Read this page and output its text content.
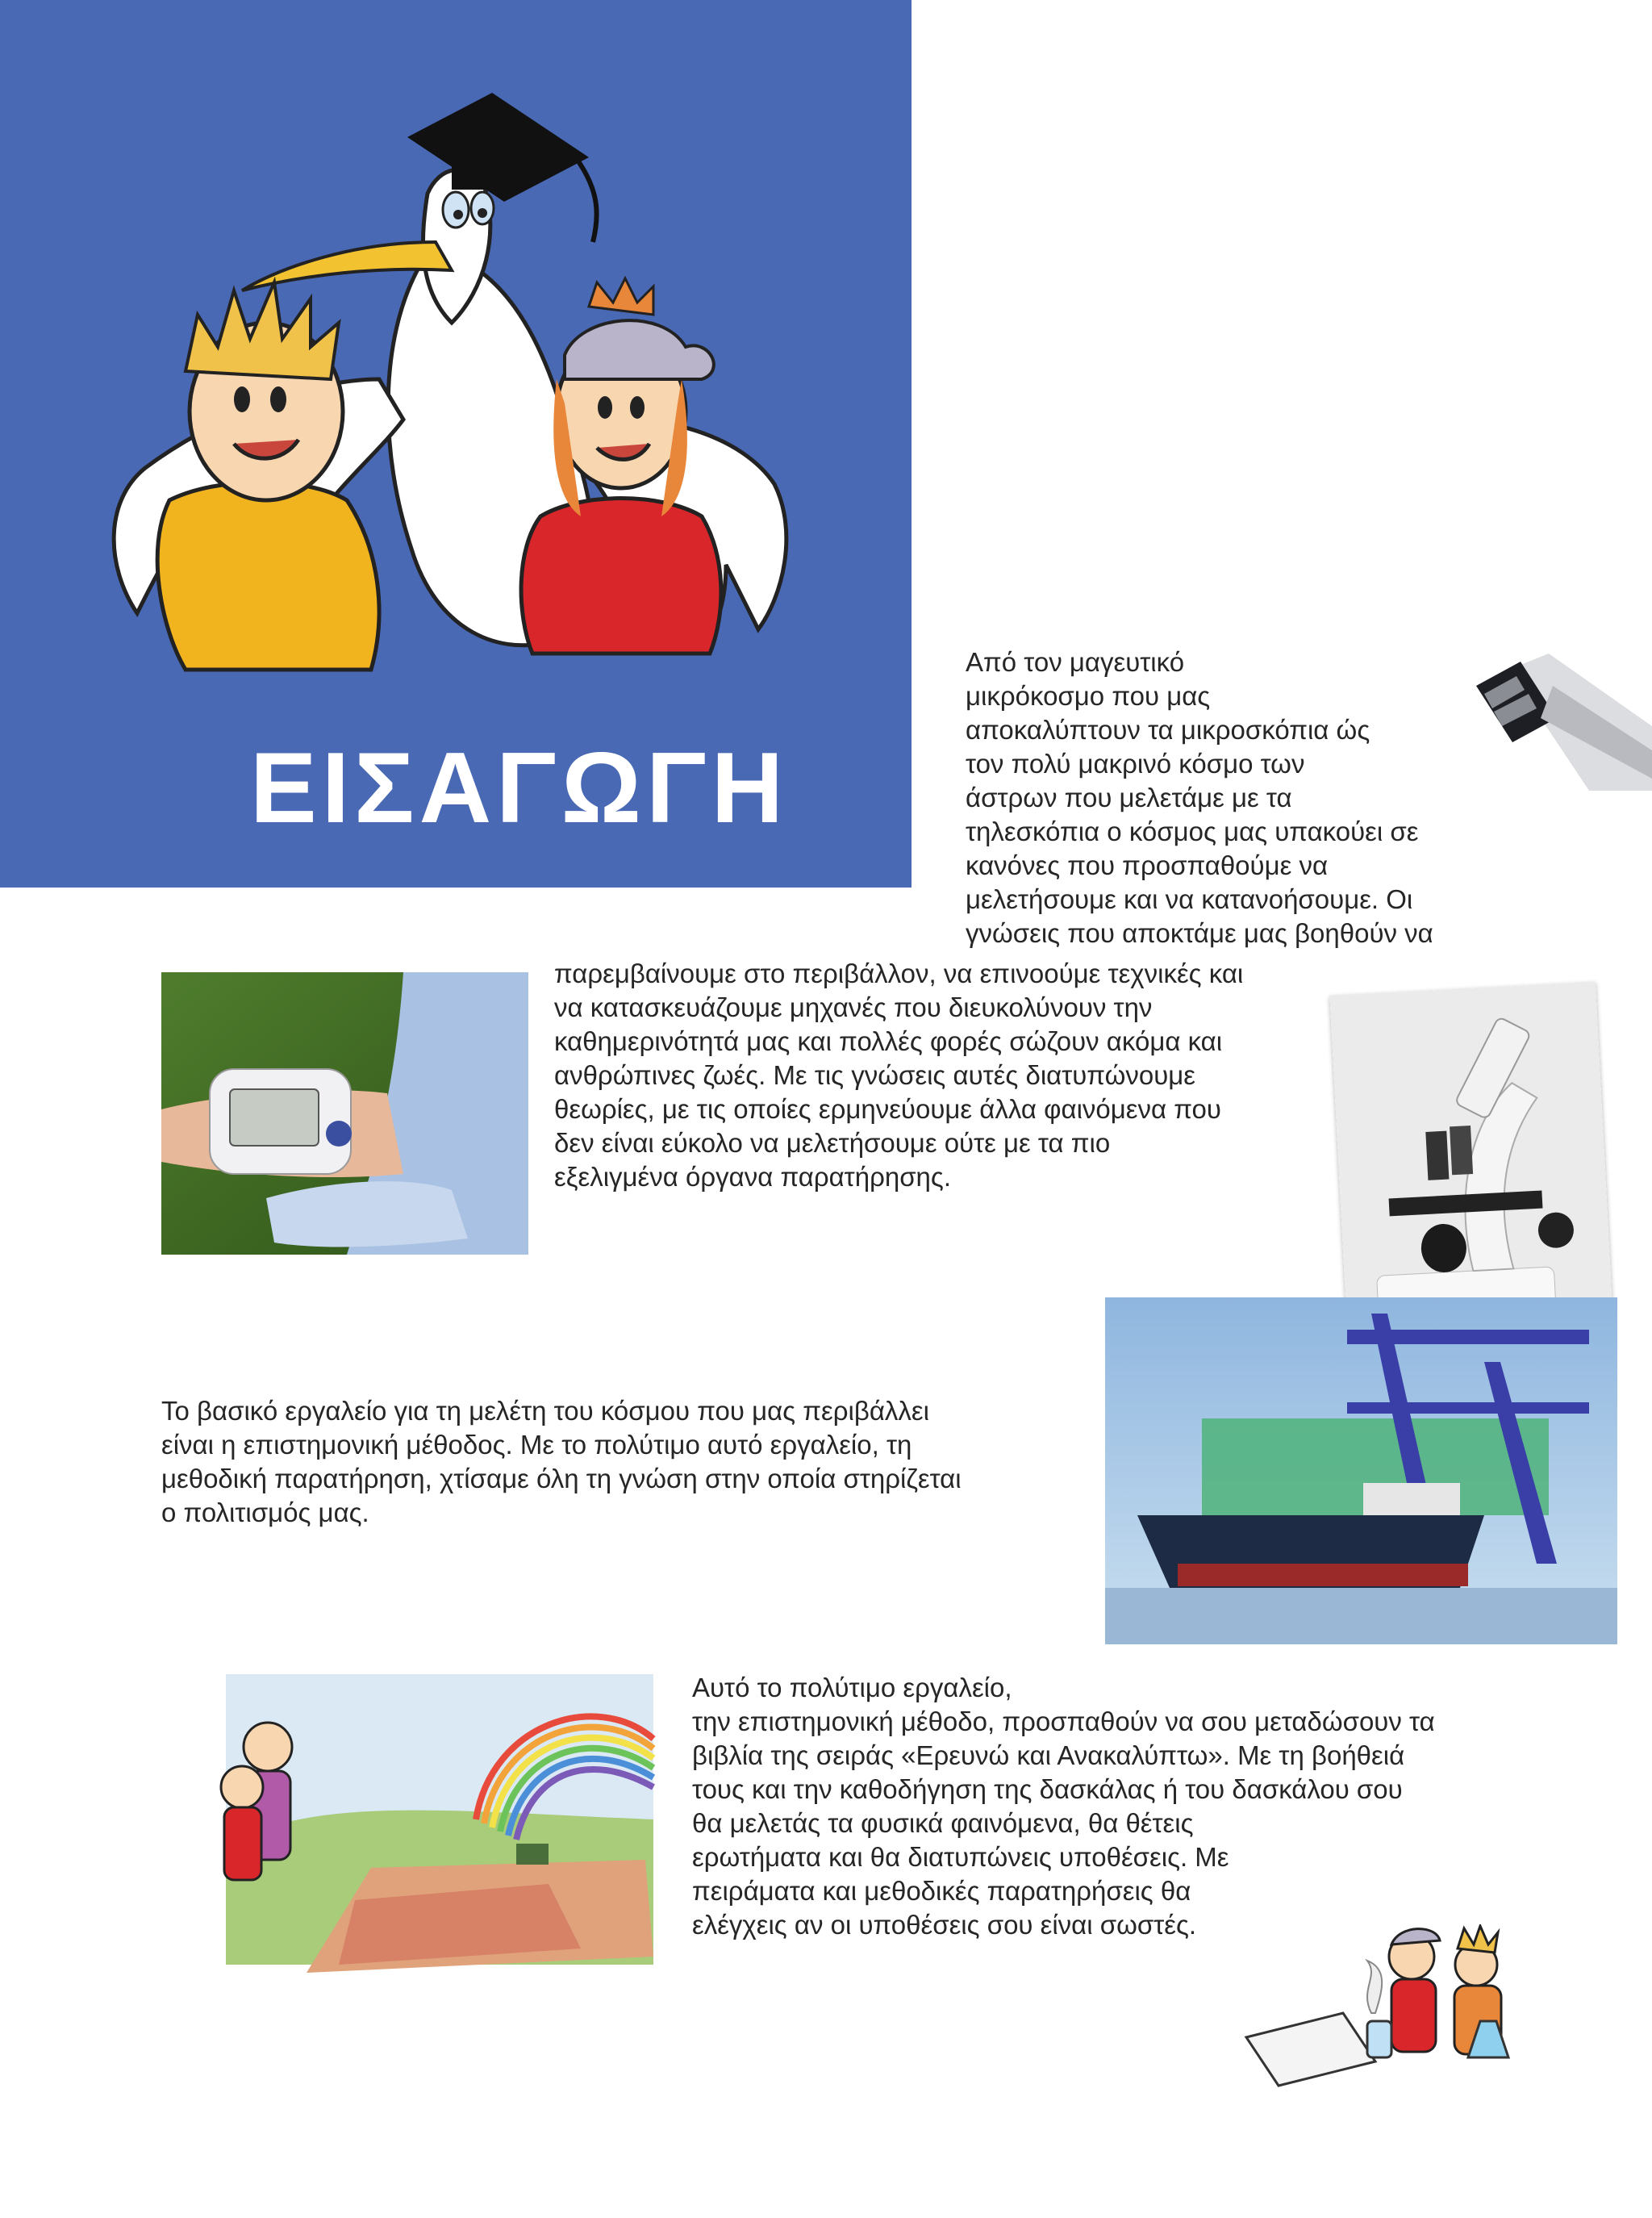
ΕΙΣΑΓΩΓΗ
Από τον μαγευτικό
μικρόκοσμο που μας
αποκαλύπτουν τα μικροσκόπια ώς
τον πολύ μακρινό κόσμο των
άστρων που μελετάμε με τα
τηλεσκόπια ο κόσμος μας υπακούει σε
κανόνες που προσπαθούμε να
μελετήσουμε και να κατανοήσουμε. Οι
γνώσεις που αποκτάμε μας βοηθούν να
παρεμβαίνουμε στο περιβάλλον, να επινοούμε τεχνικές και
να κατασκευάζουμε μηχανές που διευκολύνουν την
καθημερινότητά μας και πολλές φορές σώζουν ακόμα και
ανθρώπινες ζωές. Με τις γνώσεις αυτές διατυπώνουμε
θεωρίες, με τις οποίες ερμηνεύουμε άλλα φαινόμενα που
δεν είναι εύκολο να μελετήσουμε ούτε με τα πιο
εξελιγμένα όργανα παρατήρησης.
Το βασικό εργαλείο για τη μελέτη του κόσμου που μας περιβάλλει
είναι η επιστημονική μέθοδος. Με το πολύτιμο αυτό εργαλείο, τη
μεθοδική παρατήρηση, χτίσαμε όλη τη γνώση στην οποία στηρίζεται
ο πολιτισμός μας.
Αυτό το πολύτιμο εργαλείο,
την επιστημονική μέθοδο, προσπαθούν να σου μεταδώσουν τα
βιβλία της σειράς «Ερευνώ και Ανακαλύπτω». Με τη βοήθειά
τους και την καθοδήγηση της δασκάλας ή του δασκάλου σου
θα μελετάς τα φυσικά φαινόμενα, θα θέτεις
ερωτήματα και θα διατυπώνεις υποθέσεις. Με
πειράματα και μεθοδικές παρατηρήσεις θα
ελέγχεις αν οι υποθέσεις σου είναι σωστές.
